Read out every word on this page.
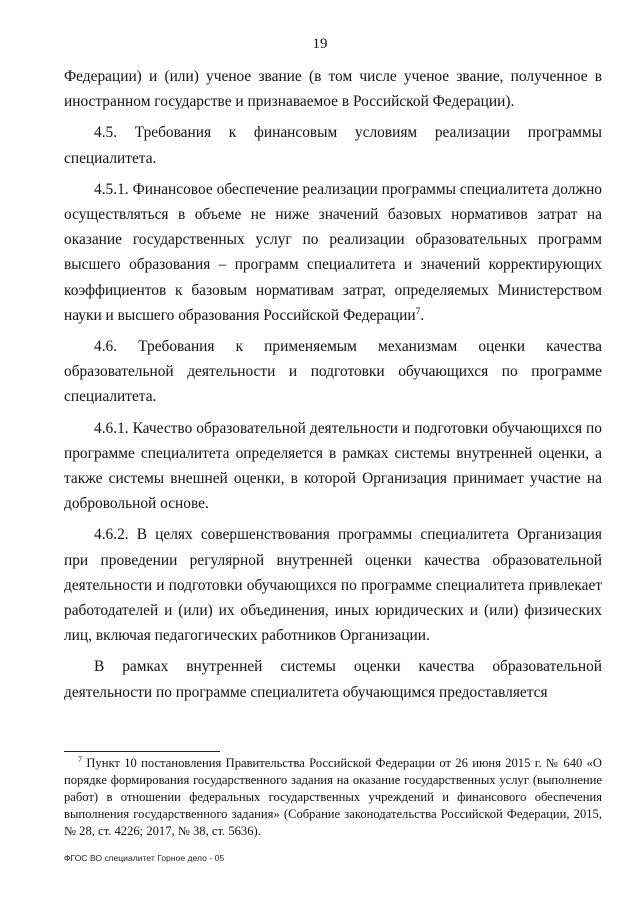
19

Федерации) и (или) ученое звание (в том числе ученое звание, полученное в иностранном государстве и признаваемое в Российской Федерации).

4.5. Требования к финансовым условиям реализации программы специалитета.

4.5.1. Финансовое обеспечение реализации программы специалитета должно осуществляться в объеме не ниже значений базовых нормативов затрат на оказание государственных услуг по реализации образовательных программ высшего образования – программ специалитета и значений корректирующих коэффициентов к базовым нормативам затрат, определяемых Министерством науки и высшего образования Российской Федерации$^7$.

4.6. Требования к применяемым механизмам оценки качества образовательной деятельности и подготовки обучающихся по программе специалитета.

4.6.1. Качество образовательной деятельности и подготовки обучающихся по программе специалитета определяется в рамках системы внутренней оценки, а также системы внешней оценки, в которой Организация принимает участие на добровольной основе.

4.6.2. В целях совершенствования программы специалитета Организация при проведении регулярной внутренней оценки качества образовательной деятельности и подготовки обучающихся по программе специалитета привлекает работодателей и (или) их объединения, иных юридических и (или) физических лиц, включая педагогических работников Организации.

В рамках внутренней системы оценки качества образовательной деятельности по программе специалитета обучающимся предоставляется

$^7$ Пункт 10 постановления Правительства Российской Федерации от 26 июня 2015 г. № 640 «О порядке формирования государственного задания на оказание государственных услуг (выполнение работ) в отношении федеральных государственных учреждений и финансового обеспечения выполнения государственного задания» (Собрание законодательства Российской Федерации, 2015, № 28, ст. 4226; 2017, № 38, ст. 5636).
ФГОС ВО специалитет Горное дело - 05
